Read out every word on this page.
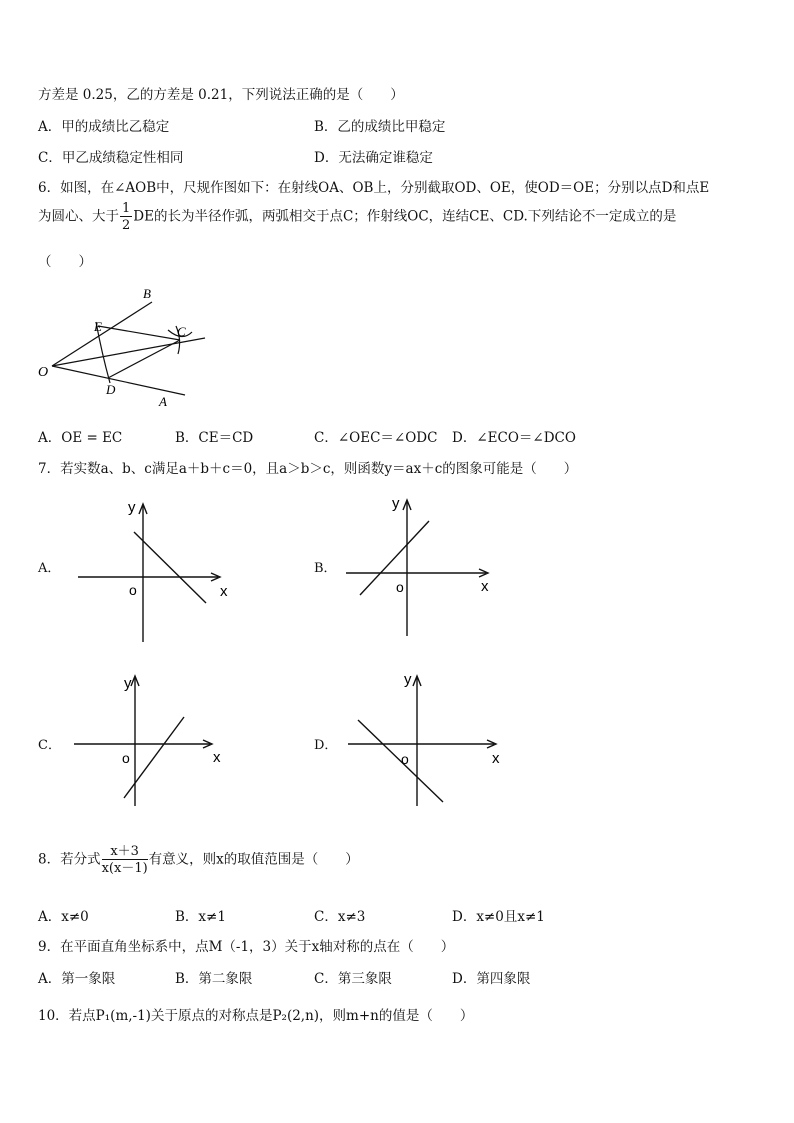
方差是 0.25，乙的方差是 0.21，下列说法正确的是（　　）
A．甲的成绩比乙稳定	B．乙的成绩比甲稳定
C．甲乙成绩稳定性相同	D．无法确定谁稳定
6．如图，在∠AOB中，尺规作图如下：在射线OA、OB上，分别截取OD、OE，使OD＝OE；分别以点D和点E
为圆心、大于 $\frac{1}{2}$ DE的长为半径作弧，两弧相交于点C；作射线OC，连结CE、CD.下列结论不一定成立的是
（　　）
O
B
E	C
D
A
A．OE = EC	B．CE＝CD	C．∠OEC＝∠ODC D．∠ECO＝∠DCO
7．若实数a、b、c满足a＋b＋c＝0，且a＞b＞c，则函数y＝ax＋c的图象可能是（　　）
A．
y
x
o
B．
y
x
o
C．
y
x
o
D．
y
x
o
8．若分式 $\frac{x+3}{x(x-1)}$ 有意义，则x的取值范围是（　　）
A．x≠0	B．x≠1	C．x≠3	D．x≠0且x≠1
9．在平面直角坐标系中，点M（-1，3）关于x轴对称的点在（　　）
A．第一象限	B．第二象限	C．第三象限	D．第四象限
10．若点P₁(m,-1)关于原点的对称点是P₂(2,n)，则m+n的值是（　　）
